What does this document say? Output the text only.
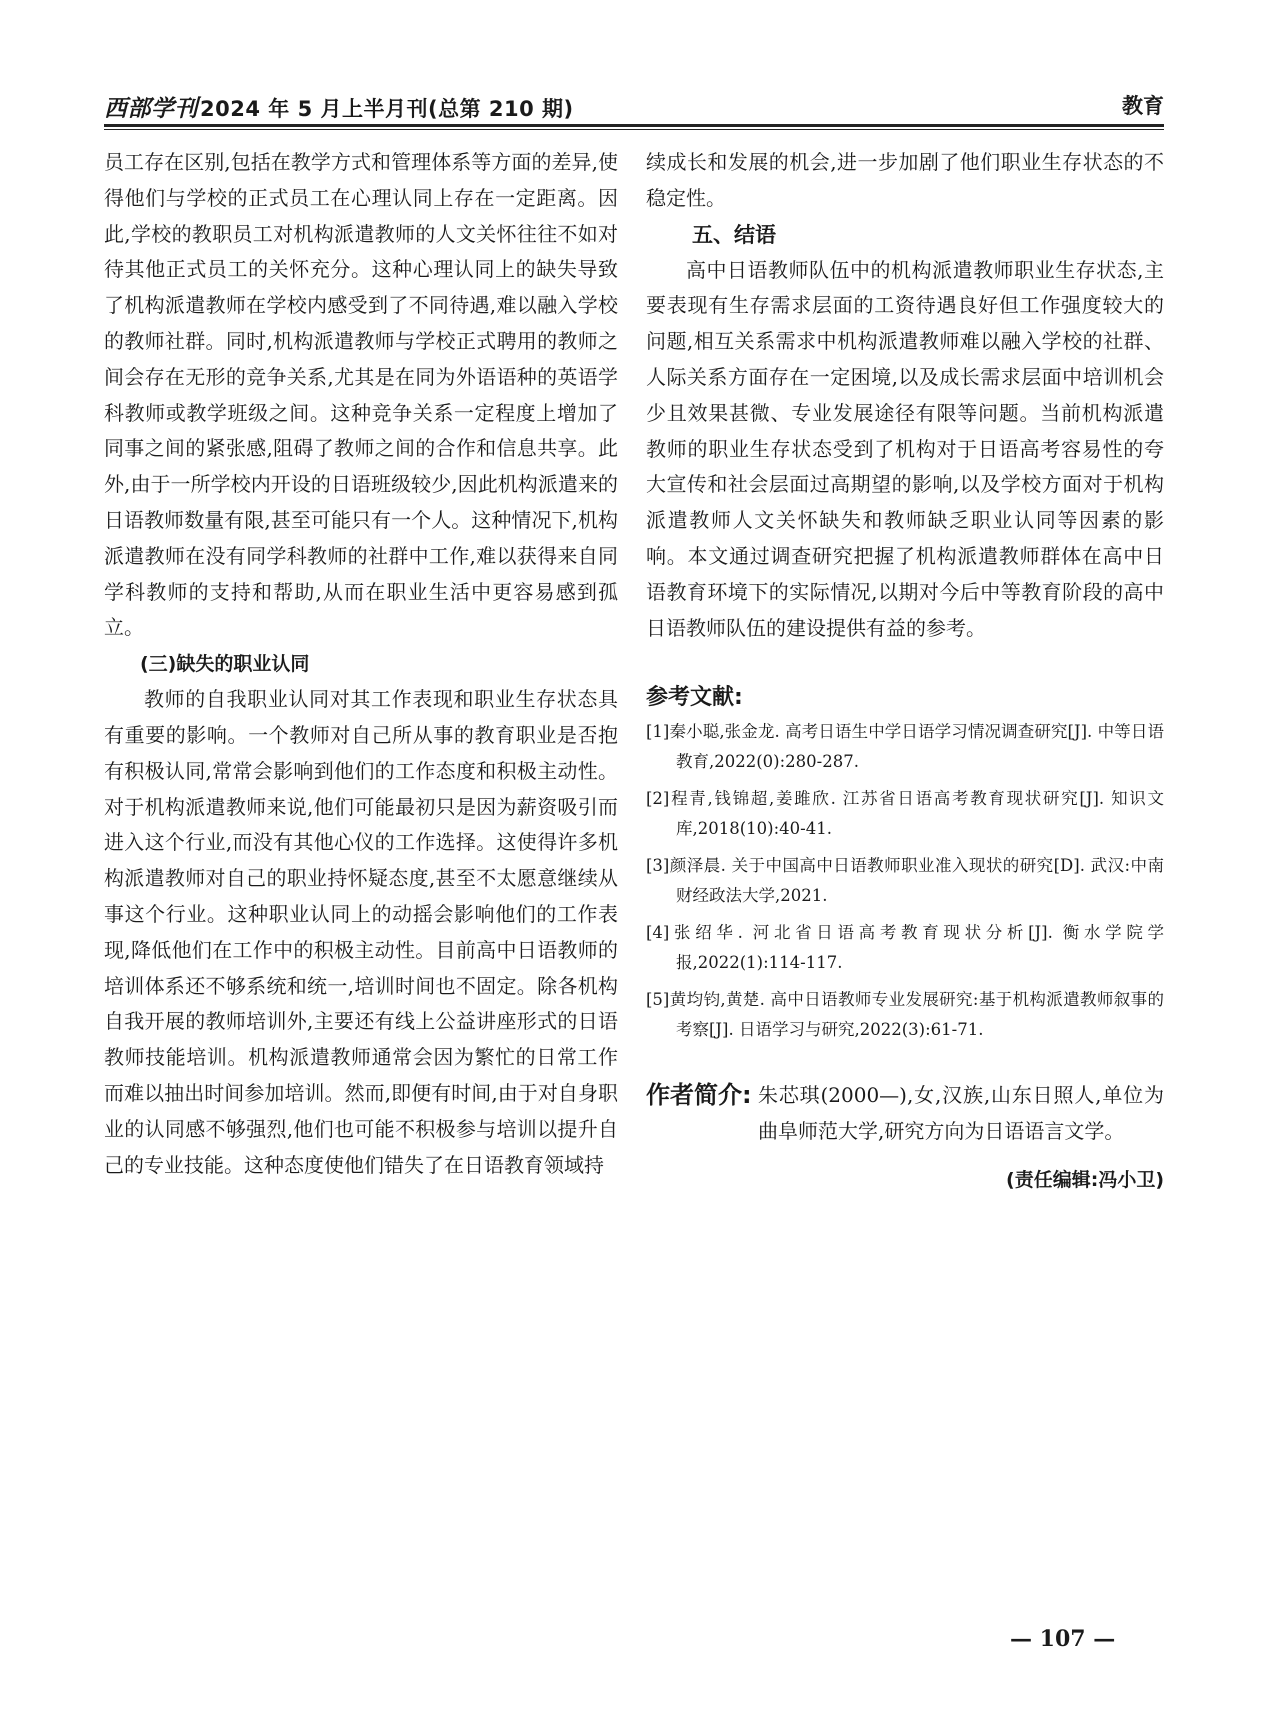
西部学刊2024 年 5 月上半月刊(总第 210 期)	教育

员工存在区别,包括在教学方式和管理体系等方面的差异,使得他们与学校的正式员工在心理认同上存在一定距离。因此,学校的教职员工对机构派遣教师的人文关怀往往不如对待其他正式员工的关怀充分。这种心理认同上的缺失导致了机构派遣教师在学校内感受到了不同待遇,难以融入学校的教师社群。同时,机构派遣教师与学校正式聘用的教师之间会存在无形的竞争关系,尤其是在同为外语语种的英语学科教师或教学班级之间。这种竞争关系一定程度上增加了同事之间的紧张感,阻碍了教师之间的合作和信息共享。此外,由于一所学校内开设的日语班级较少,因此机构派遣来的日语教师数量有限,甚至可能只有一个人。这种情况下,机构派遣教师在没有同学科教师的社群中工作,难以获得来自同学科教师的支持和帮助,从而在职业生活中更容易感到孤立。

(三)缺失的职业认同

教师的自我职业认同对其工作表现和职业生存状态具有重要的影响。一个教师对自己所从事的教育职业是否抱有积极认同,常常会影响到他们的工作态度和积极主动性。对于机构派遣教师来说,他们可能最初只是因为薪资吸引而进入这个行业,而没有其他心仪的工作选择。这使得许多机构派遣教师对自己的职业持怀疑态度,甚至不太愿意继续从事这个行业。这种职业认同上的动摇会影响他们的工作表现,降低他们在工作中的积极主动性。目前高中日语教师的培训体系还不够系统和统一,培训时间也不固定。除各机构自我开展的教师培训外,主要还有线上公益讲座形式的日语教师技能培训。机构派遣教师通常会因为繁忙的日常工作而难以抽出时间参加培训。然而,即便有时间,由于对自身职业的认同感不够强烈,他们也可能不积极参与培训以提升自己的专业技能。这种态度使他们错失了在日语教育领域持

续成长和发展的机会,进一步加剧了他们职业生存状态的不稳定性。

五、结语

高中日语教师队伍中的机构派遣教师职业生存状态,主要表现有生存需求层面的工资待遇良好但工作强度较大的问题,相互关系需求中机构派遣教师难以融入学校的社群、人际关系方面存在一定困境,以及成长需求层面中培训机会少且效果甚微、专业发展途径有限等问题。当前机构派遣教师的职业生存状态受到了机构对于日语高考容易性的夸大宣传和社会层面过高期望的影响,以及学校方面对于机构派遣教师人文关怀缺失和教师缺乏职业认同等因素的影响。本文通过调查研究把握了机构派遣教师群体在高中日语教育环境下的实际情况,以期对今后中等教育阶段的高中日语教师队伍的建设提供有益的参考。

参考文献:
[1]秦小聪,张金龙. 高考日语生中学日语学习情况调查研究[J]. 中等日语教育,2022(0):280-287.
[2]程青,钱锦超,姜雎欣. 江苏省日语高考教育现状研究[J]. 知识文库,2018(10):40-41.
[3]颜泽晨. 关于中国高中日语教师职业准入现状的研究[D]. 武汉:中南财经政法大学,2021.
[4]张绍华. 河北省日语高考教育现状分析[J]. 衡水学院学报,2022(1):114-117.
[5]黄均钧,黄楚. 高中日语教师专业发展研究:基于机构派遣教师叙事的考察[J]. 日语学习与研究,2022(3):61-71.
作者简介: 朱芯琪(2000—),女,汉族,山东日照人,单位为曲阜师范大学,研究方向为日语语言文学。
(责任编辑:冯小卫)
— 107 —
